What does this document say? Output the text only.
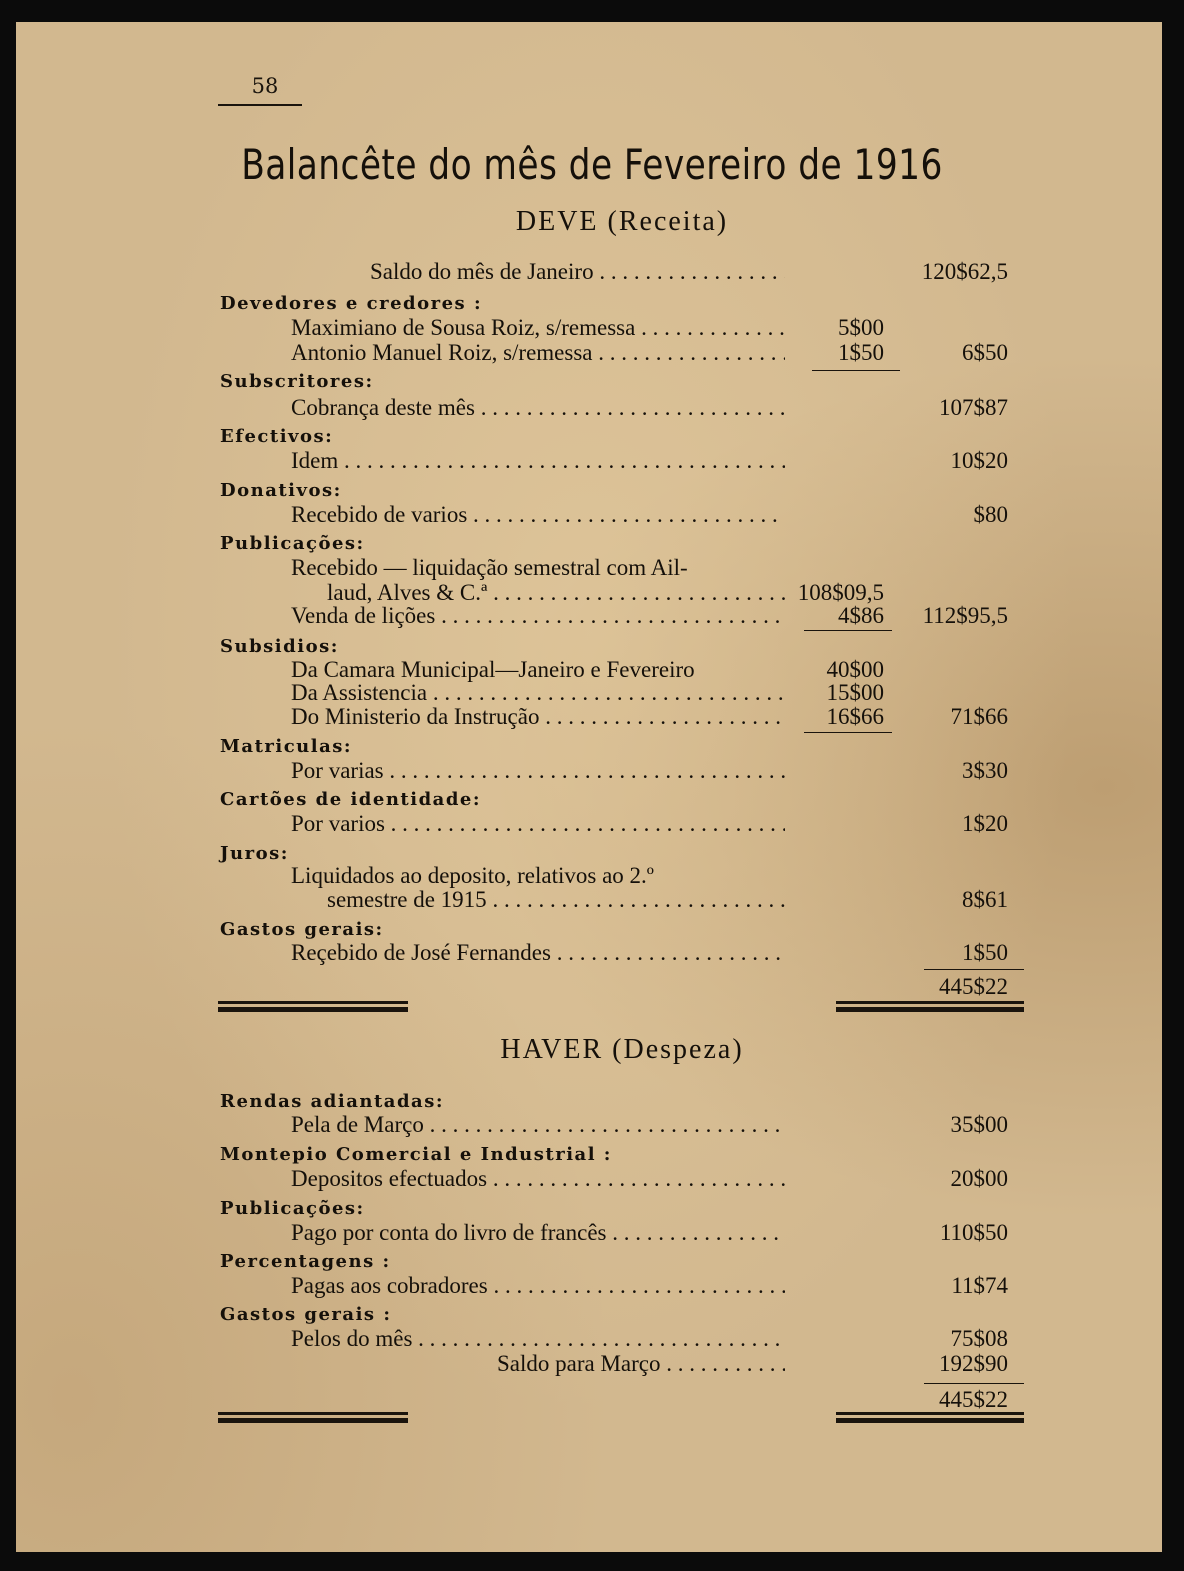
58
Balancête do mês de Fevereiro de 1916
DEVE (Receita)
Saldo do mês de Janeiro . . .	120$62,5
Devedores e credores :
Maximiano de Sousa Roiz, s/remessa . . .	5$00
Antonio Manuel Roiz, s/remessa . . .	1$50	6$50
Subscritores:
Cobrança deste mês . . .	107$87
Efectivos:
Idem . . .	10$20
Donativos:
Recebido de varios . . .	$80
Publicações:
Recebido — liquidação semestral com Ail-
laud, Alves & C.ª . . .	108$09,5
Venda de lições . . .	4$86 112$95,5
Subsidios:
Da Camara Municipal—Janeiro e Fevereiro	40$00
Da Assistencia . . .	15$00
Do Ministerio da Instrução . . .	16$66	71$66
Matriculas:
Por varias . . .	3$30
Cartões de identidade:
Por varios . . .	1$20
Juros:
Liquidados ao deposito, relativos ao 2.º
semestre de 1915 . . .	8$61
Gastos gerais:
Reçebido de José Fernandes . . .	1$50
445$22
HAVER (Despeza)
Rendas adiantadas:
Pela de Março . . .	35$00
Montepio Comercial e Industrial :
Depositos efectuados . . .	20$00
Publicações:
Pago por conta do livro de francês . . .	110$50
Percentagens :
Pagas aos cobradores . . .	11$74
Gastos gerais :
Pelos do mês . . .	75$08
Saldo para Março . . .	192$90
445$22
